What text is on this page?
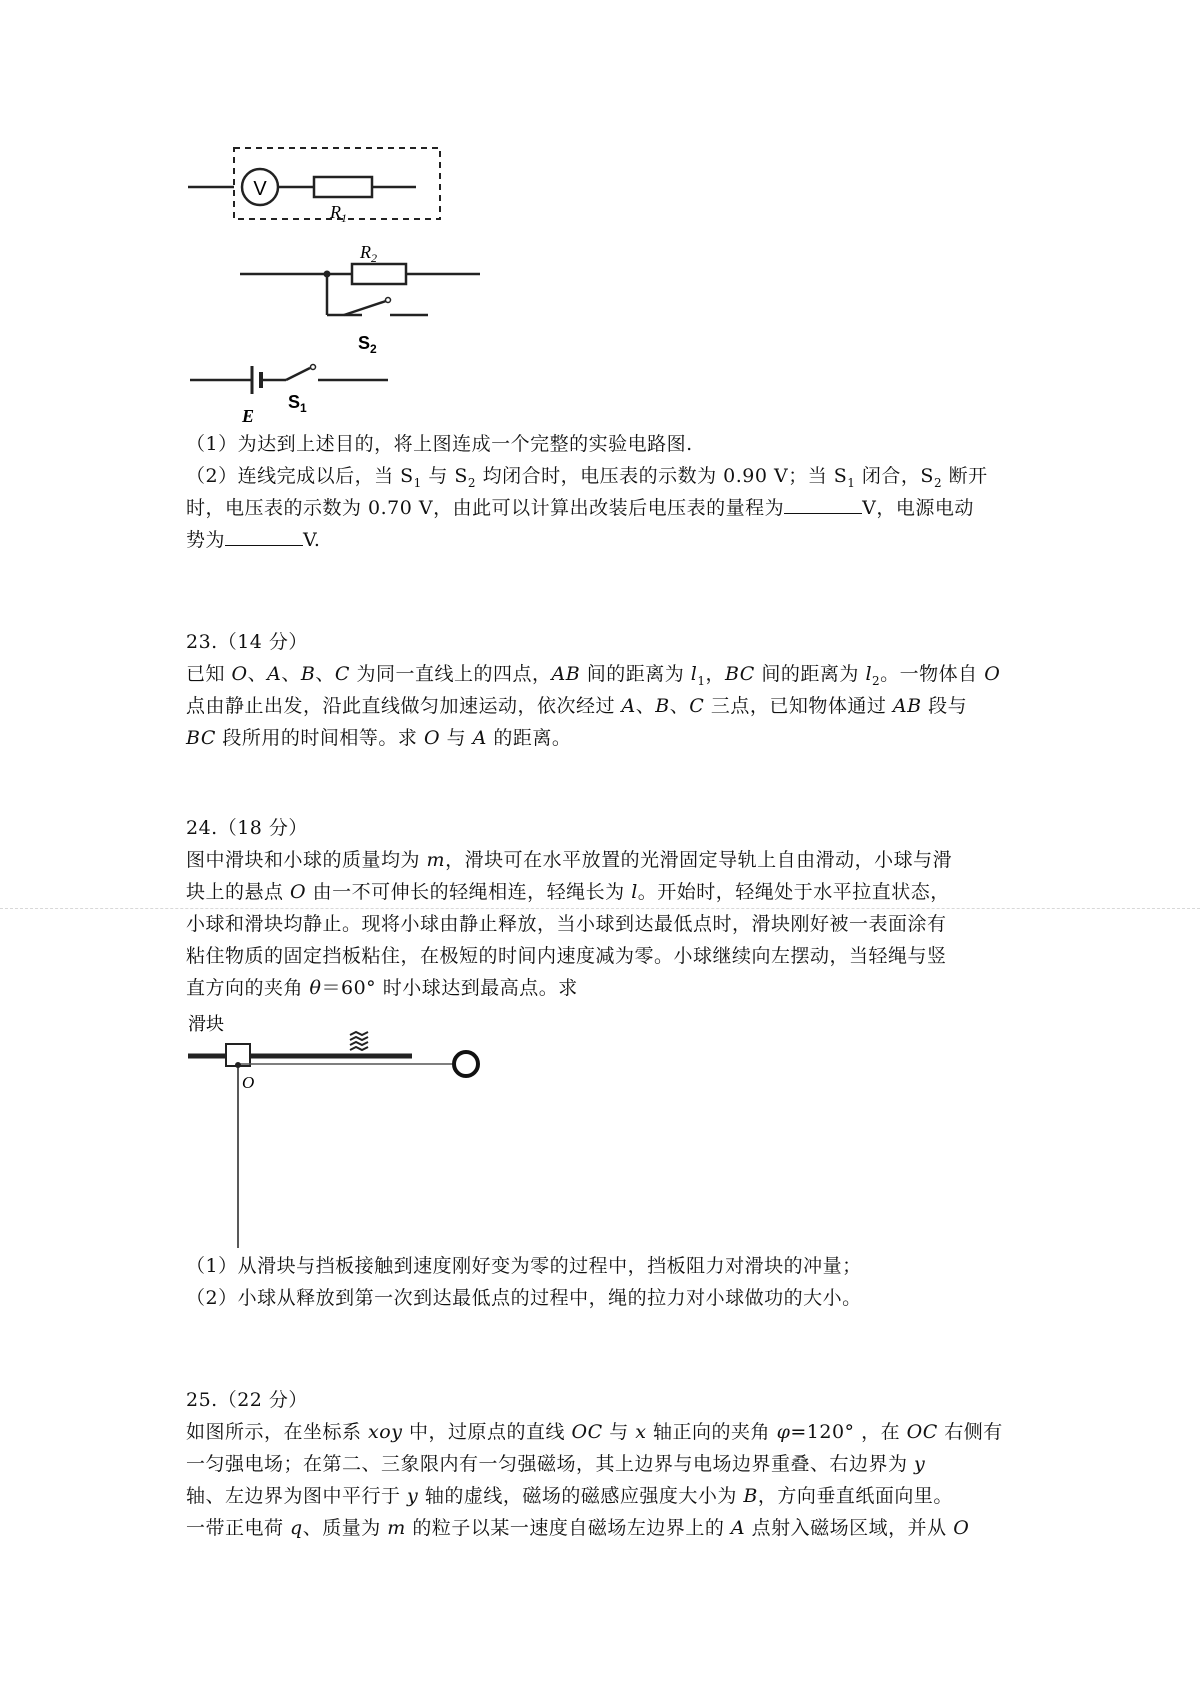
V
$R_1$
$R_2$
$S_2$
E
$S_1$
（1）为达到上述目的，将上图连成一个完整的实验电路图.
（2）连线完成以后，当 $S_1$ 与 $S_2$ 均闭合时，电压表的示数为 0.90 V；当 $S_1$ 闭合，$S_2$ 断开
时，电压表的示数为 0.70 V，由此可以计算出改装后电压表的量程为	V，电源电动
势为	V.
23.（14 分）
已知 O、A、B、C 为同一直线上的四点，AB 间的距离为 $l_1$，BC 间的距离为 $l_2$。一物体自 O
点由静止出发，沿此直线做匀加速运动，依次经过 A、B、C 三点，已知物体通过 AB 段与
BC 段所用的时间相等。求 O 与 A 的距离。
24.（18 分）
图中滑块和小球的质量均为 m，滑块可在水平放置的光滑固定导轨上自由滑动，小球与滑
块上的悬点 O 由一不可伸长的轻绳相连，轻绳长为 l。开始时，轻绳处于水平拉直状态，
小球和滑块均静止。现将小球由静止释放，当小球到达最低点时，滑块刚好被一表面涂有
粘住物质的固定挡板粘住，在极短的时间内速度减为零。小球继续向左摆动，当轻绳与竖
直方向的夹角 θ＝60° 时小球达到最高点。求
滑块
O
（1）从滑块与挡板接触到速度刚好变为零的过程中，挡板阻力对滑块的冲量；
（2）小球从释放到第一次到达最低点的过程中，绳的拉力对小球做功的大小。
25.（22 分）
如图所示，在坐标系 xoy 中，过原点的直线 OC 与 x 轴正向的夹角 φ=120° ，在 OC 右侧有
一匀强电场；在第二、三象限内有一匀强磁场，其上边界与电场边界重叠、右边界为 y
轴、左边界为图中平行于 y 轴的虚线，磁场的磁感应强度大小为 B，方向垂直纸面向里。
一带正电荷 q、质量为 m 的粒子以某一速度自磁场左边界上的 A 点射入磁场区域，并从 O
